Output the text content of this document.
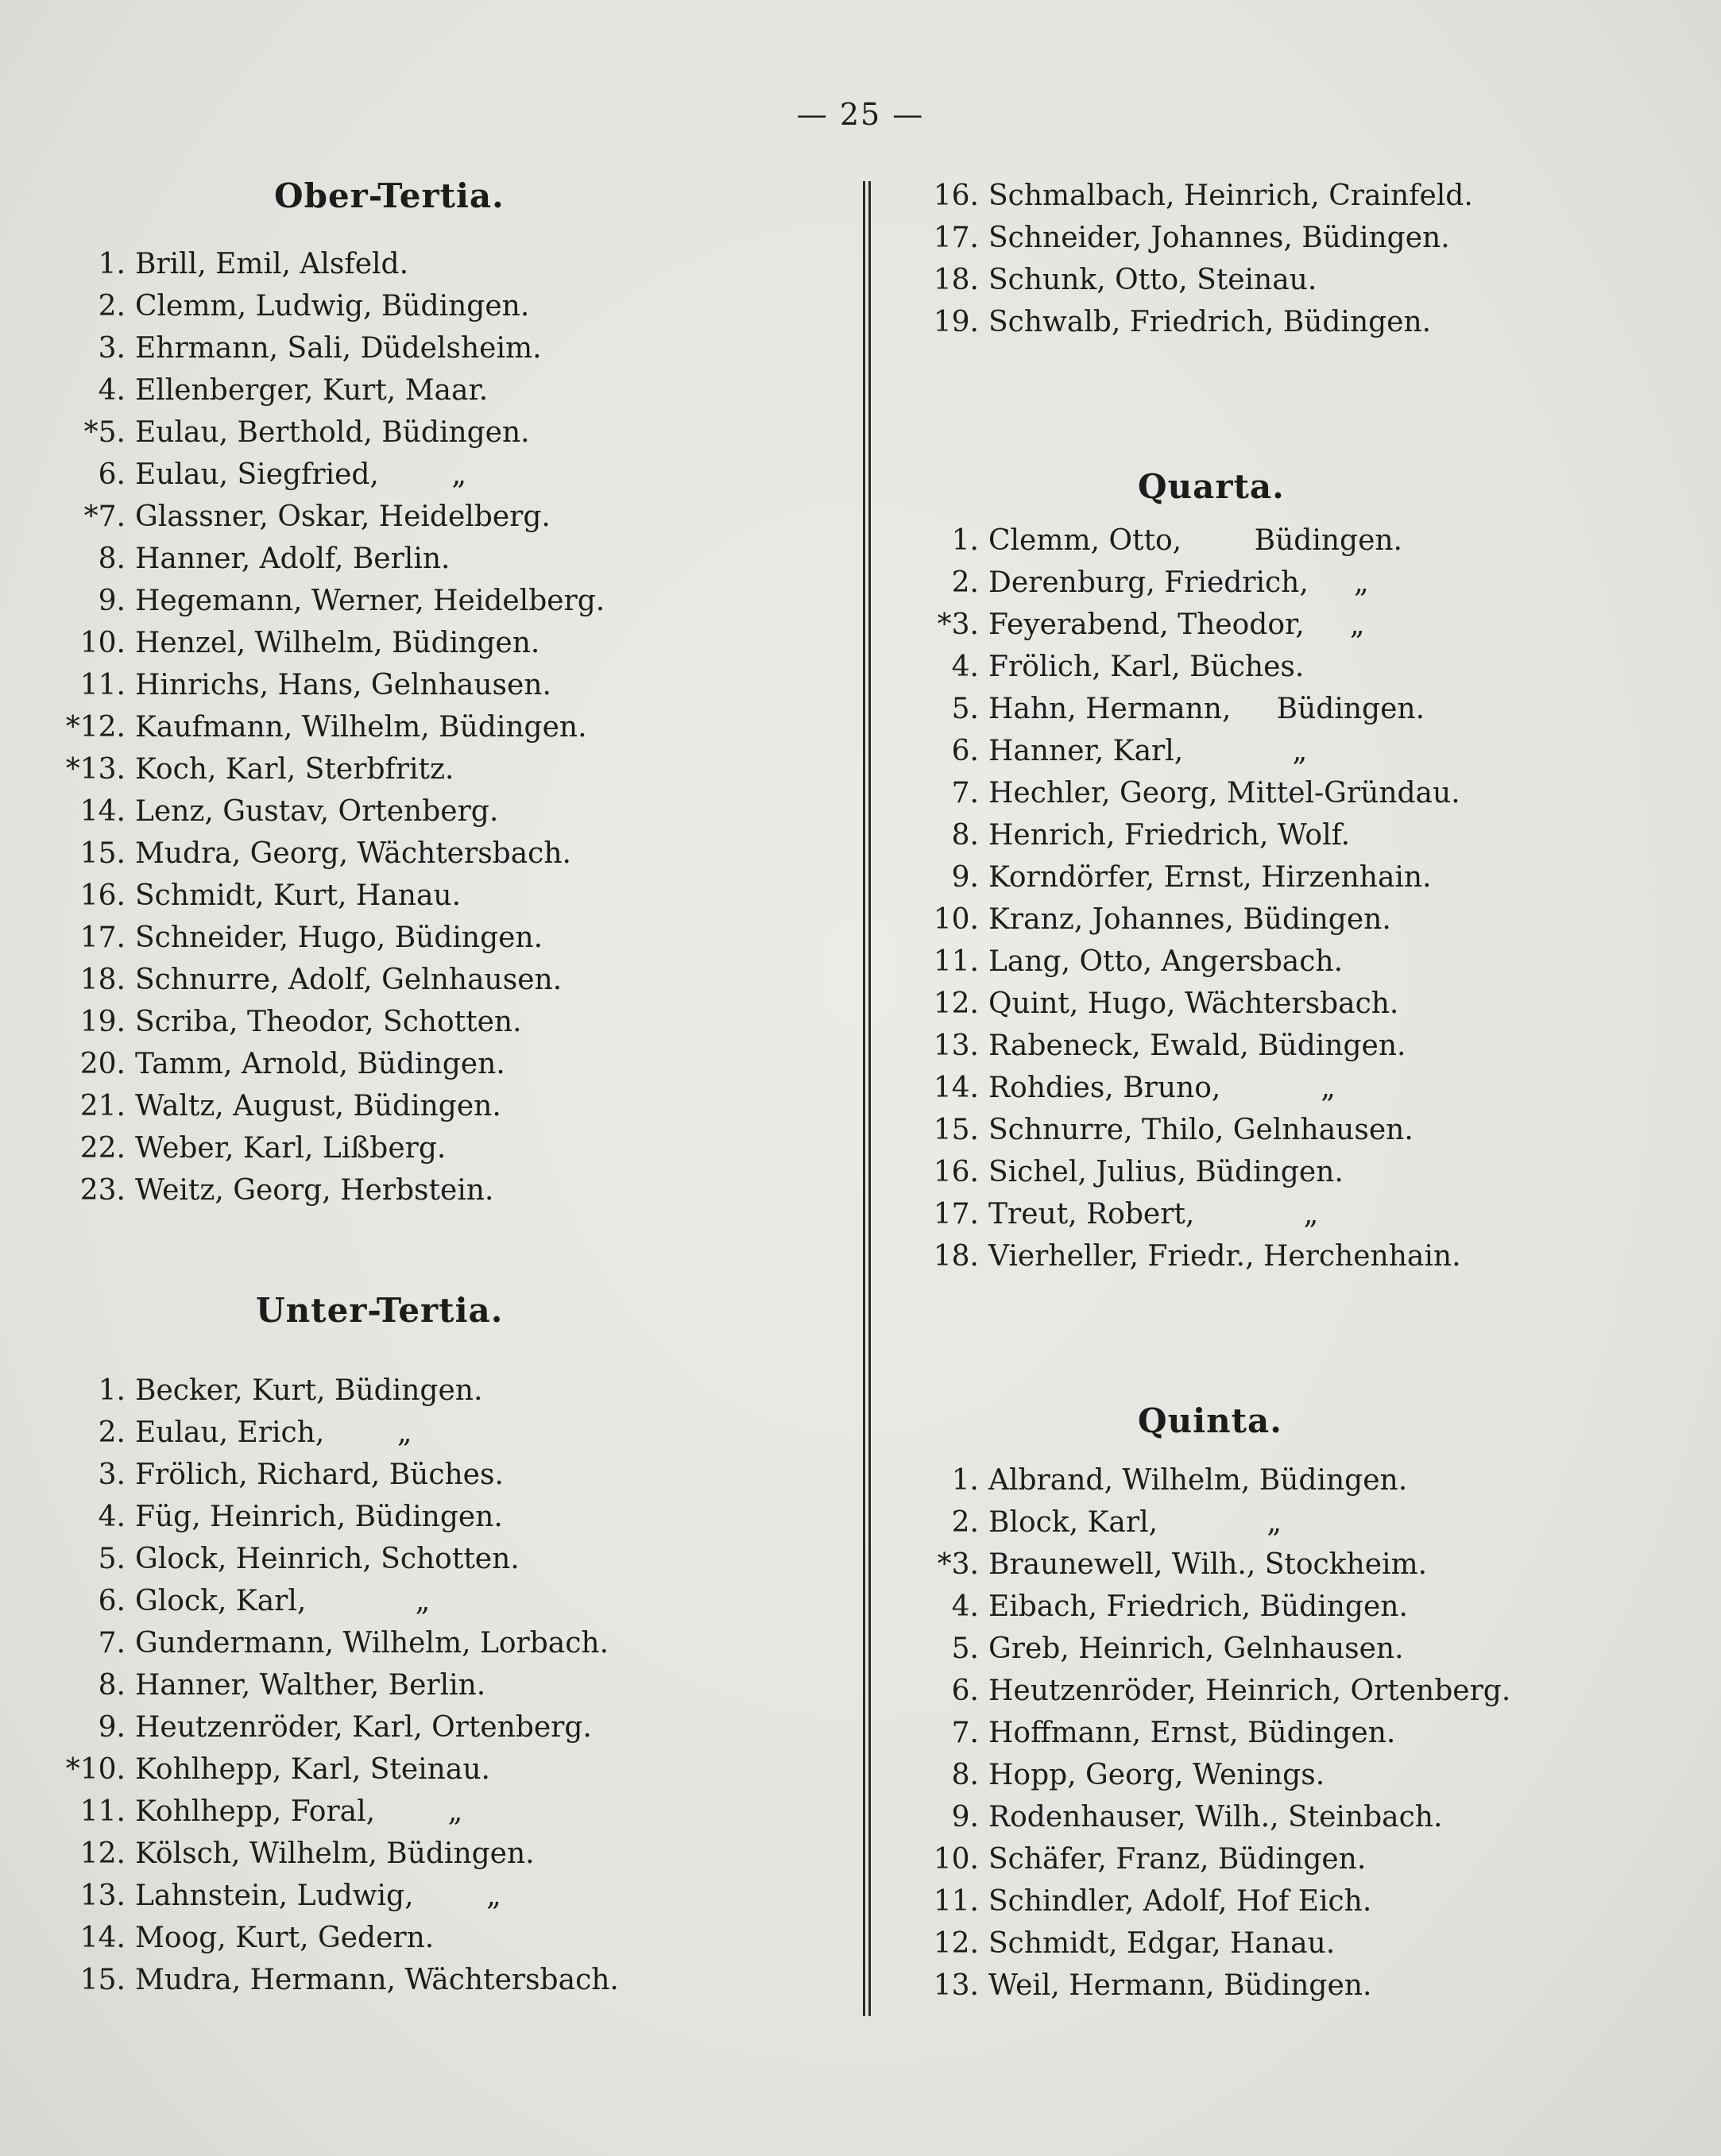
— 25 —
Ober-Tertia.
1. Brill, Emil, Alsfeld.
2. Clemm, Ludwig, Büdingen.
3. Ehrmann, Sali, Düdelsheim.
4. Ellenberger, Kurt, Maar.
*5. Eulau, Berthold, Büdingen.
6. Eulau, Siegfried,        „
*7. Glassner, Oskar, Heidelberg.
8. Hanner, Adolf, Berlin.
9. Hegemann, Werner, Heidelberg.
10. Henzel, Wilhelm, Büdingen.
11. Hinrichs, Hans, Gelnhausen.
*12. Kaufmann, Wilhelm, Büdingen.
*13. Koch, Karl, Sterbfritz.
14. Lenz, Gustav, Ortenberg.
15. Mudra, Georg, Wächtersbach.
16. Schmidt, Kurt, Hanau.
17. Schneider, Hugo, Büdingen.
18. Schnurre, Adolf, Gelnhausen.
19. Scriba, Theodor, Schotten.
20. Tamm, Arnold, Büdingen.
21. Waltz, August, Büdingen.
22. Weber, Karl, Lißberg.
23. Weitz, Georg, Herbstein.
Unter-Tertia.
1. Becker, Kurt, Büdingen.
2. Eulau, Erich,        „
3. Frölich, Richard, Büches.
4. Füg, Heinrich, Büdingen.
5. Glock, Heinrich, Schotten.
6. Glock, Karl,            „
7. Gundermann, Wilhelm, Lorbach.
8. Hanner, Walther, Berlin.
9. Heutzenröder, Karl, Ortenberg.
*10. Kohlhepp, Karl, Steinau.
11. Kohlhepp, Foral,        „
12. Kölsch, Wilhelm, Büdingen.
13. Lahnstein, Ludwig,        „
14. Moog, Kurt, Gedern.
15. Mudra, Hermann, Wächtersbach.
16. Schmalbach, Heinrich, Crainfeld.
17. Schneider, Johannes, Büdingen.
18. Schunk, Otto, Steinau.
19. Schwalb, Friedrich, Büdingen.
Quarta.
1. Clemm, Otto,        Büdingen.
2. Derenburg, Friedrich,     „
*3. Feyerabend, Theodor,     „
4. Frölich, Karl, Büches.
5. Hahn, Hermann,     Büdingen.
6. Hanner, Karl,            „
7. Hechler, Georg, Mittel-Gründau.
8. Henrich, Friedrich, Wolf.
9. Korndörfer, Ernst, Hirzenhain.
10. Kranz, Johannes, Büdingen.
11. Lang, Otto, Angersbach.
12. Quint, Hugo, Wächtersbach.
13. Rabeneck, Ewald, Büdingen.
14. Rohdies, Bruno,           „
15. Schnurre, Thilo, Gelnhausen.
16. Sichel, Julius, Büdingen.
17. Treut, Robert,            „
18. Vierheller, Friedr., Herchenhain.
Quinta.
1. Albrand, Wilhelm, Büdingen.
2. Block, Karl,            „
*3. Braunewell, Wilh., Stockheim.
4. Eibach, Friedrich, Büdingen.
5. Greb, Heinrich, Gelnhausen.
6. Heutzenröder, Heinrich, Ortenberg.
7. Hoffmann, Ernst, Büdingen.
8. Hopp, Georg, Wenings.
9. Rodenhauser, Wilh., Steinbach.
10. Schäfer, Franz, Büdingen.
11. Schindler, Adolf, Hof Eich.
12. Schmidt, Edgar, Hanau.
13. Weil, Hermann, Büdingen.
